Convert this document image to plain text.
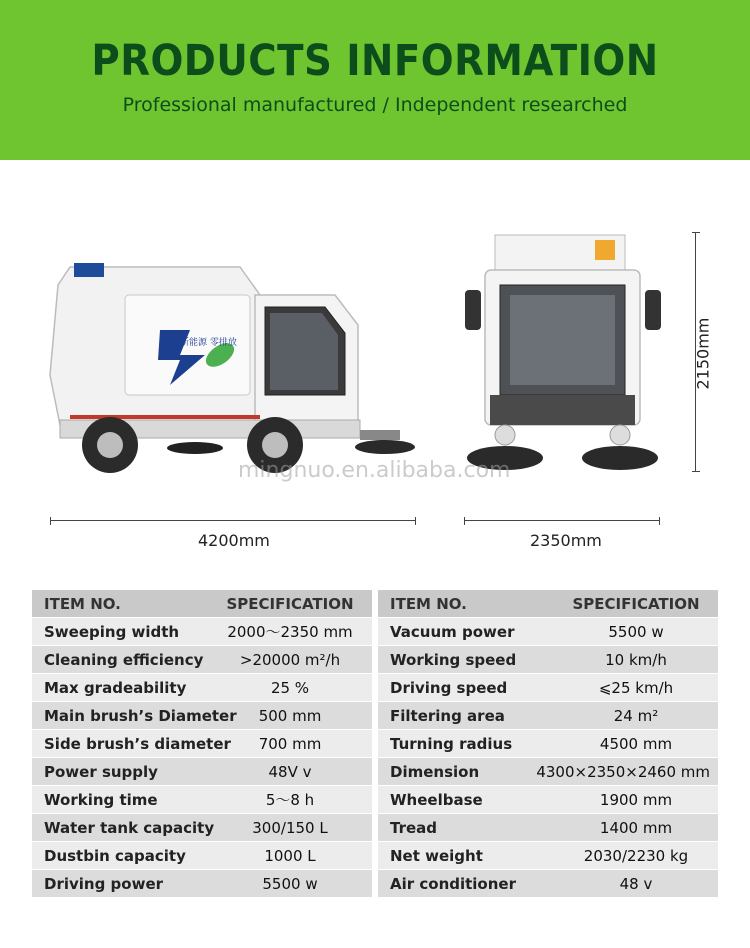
PRODUCTS INFORMATION

Professional manufactured / Independent researched

新能源 零排放
mingnuo.en.alibaba.com
4200mm	2350mm
2150mm
ITEM NO.	SPECIFICATION
Sweeping width	2000～2350 mm
Cleaning efficiency	>20000 m²/h
Max gradeability	25 %
Main brush’s Diameter	500 mm
Side brush’s diameter	700 mm
Power supply	48V v
Working time	5～8 h
Water tank capacity	300/150 L
Dustbin capacity	1000 L
Driving power	5500 w
ITEM NO.	SPECIFICATION
Vacuum power	5500 w
Working speed	10 km/h
Driving speed	⩽25 km/h
Filtering area	24 m²
Turning radius	4500 mm
Dimension	4300×2350×2460 mm
Wheelbase	1900 mm
Tread	1400 mm
Net weight	2030/2230 kg
Air conditioner	48 v
